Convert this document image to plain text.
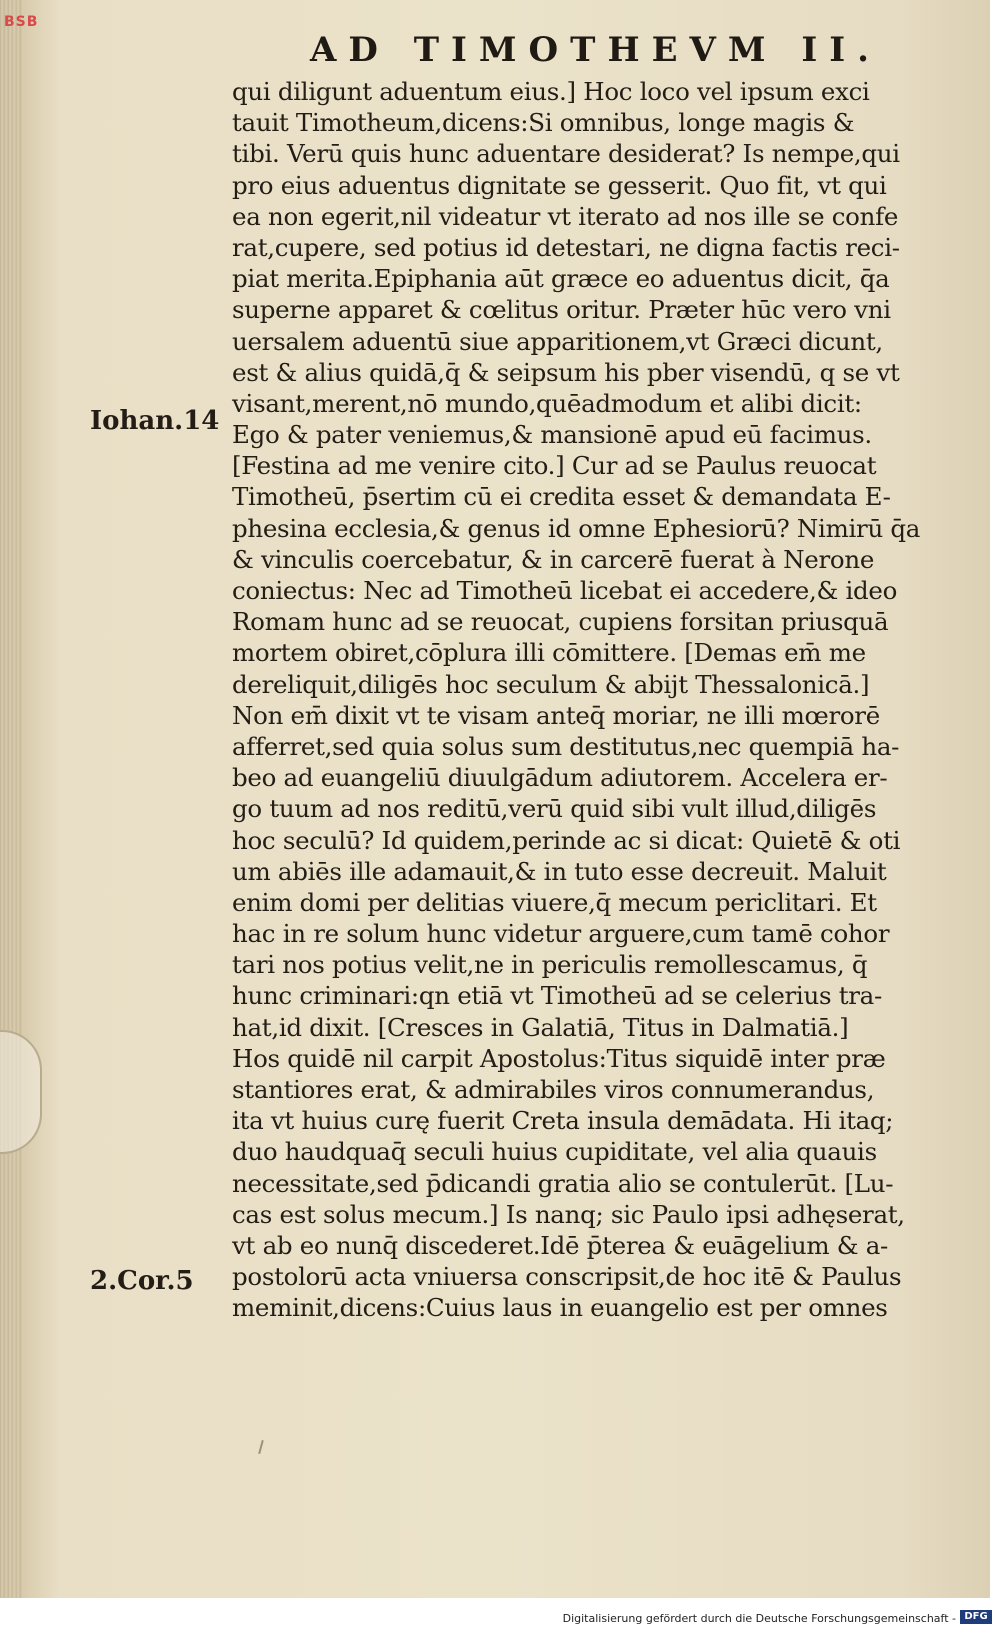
BSB
AD TIMOTHEVM II.
Iohan.14
2.Cor.5
qui diligunt aduentum eius.] Hoc loco vel ipsum exci
tauit Timotheum,dicens:Si omnibus, longe magis &
tibi. Verū quis hunc aduentare desiderat? Is nempe,qui
pro eius aduentus dignitate se gesserit. Quo fit, vt qui
ea non egerit,nil videatur vt iterato ad nos ille se confe
rat,cupere, sed potius id detestari, ne digna factis reci-
piat merita.Epiphania aūt græce eo aduentus dicit, q̄a
superne apparet & cœlitus oritur. Præter hūc vero vni
uersalem aduentū siue apparitionem,vt Græci dicunt,
est & alius quidā,q̄ & seipsum his pber visendū, q se vt
visant,merent,nō mundo,quēadmodum et alibi dicit:
Ego & pater veniemus,& mansionē apud eū facimus.
[Festina ad me venire cito.] Cur ad se Paulus reuocat
Timotheū, p̄sertim cū ei credita esset & demandata E-
phesina ecclesia,& genus id omne Ephesiorū? Nimirū q̄a
& vinculis coercebatur, & in carcerē fuerat à Nerone
coniectus: Nec ad Timotheū licebat ei accedere,& ideo
Romam hunc ad se reuocat, cupiens forsitan priusquā
mortem obiret,cōplura illi cōmittere. [Demas em̄ me
dereliquit,diligēs hoc seculum & abijt Thessalonicā.]
Non em̄ dixit vt te visam anteq̄ moriar, ne illi mœrorē
afferret,sed quia solus sum destitutus,nec quempiā ha-
beo ad euangeliū diuulgādum adiutorem. Accelera er-
go tuum ad nos reditū,verū quid sibi vult illud,diligēs
hoc seculū? Id quidem,perinde ac si dicat: Quietē & oti
um abiēs ille adamauit,& in tuto esse decreuit. Maluit
enim domi per delitias viuere,q̄ mecum periclitari. Et
hac in re solum hunc videtur arguere,cum tamē cohor
tari nos potius velit,ne in periculis remollescamus, q̄
hunc criminari:qn etiā vt Timotheū ad se celerius tra-
hat,id dixit. [Cresces in Galatiā, Titus in Dalmatiā.]
Hos quidē nil carpit Apostolus:Titus siquidē inter præ
stantiores erat, & admirabiles viros connumerandus,
ita vt huius curę fuerit Creta insula demādata. Hi itaq;
duo haudquaq̄ seculi huius cupiditate, vel alia quauis
necessitate,sed p̄dicandi gratia alio se contulerūt. [Lu-
cas est solus mecum.] Is nanq; sic Paulo ipsi adhęserat,
vt ab eo nunq̄ discederet.Idē p̄terea & euāgelium & a-
postolorū acta vniuersa conscripsit,de hoc itē & Paulus
meminit,dicens:Cuius laus in euangelio est per omnes
Digitalisierung gefördert durch die Deutsche Forschungsgemeinschaft - DFG
